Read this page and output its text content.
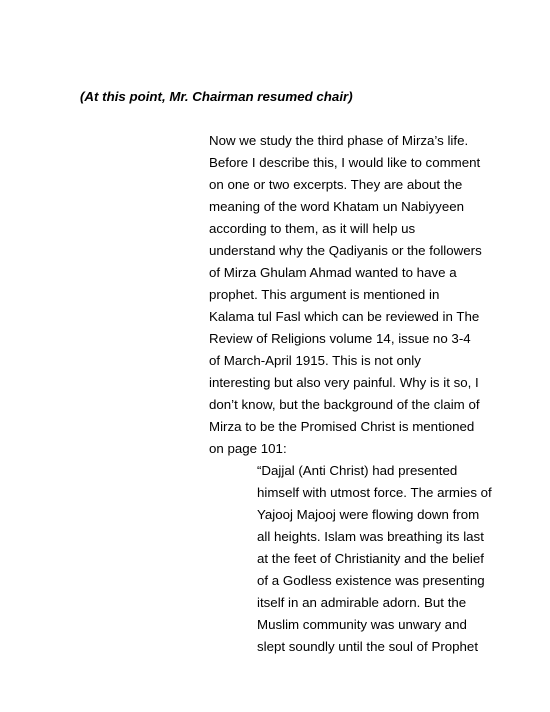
(At this point, Mr. Chairman resumed chair)
Now we study the third phase of Mirza’s life.
Before I describe this, I would like to comment
on one or two excerpts. They are about the
meaning of the word Khatam un Nabiyyeen
according to them, as it will help us
understand why the Qadiyanis or the followers
of Mirza Ghulam Ahmad wanted to have a
prophet. This argument is mentioned in
Kalama tul Fasl which can be reviewed in The
Review of Religions volume 14, issue no 3-4
of March-April 1915. This is not only
interesting but also very painful. Why is it so, I
don’t know, but the background of the claim of
Mirza to be the Promised Christ is mentioned
on page 101:
“Dajjal (Anti Christ) had presented
himself with utmost force. The armies of
Yajooj Majooj were flowing down from
all heights. Islam was breathing its last
at the feet of Christianity and the belief
of a Godless existence was presenting
itself in an admirable adorn. But the
Muslim community was unwary and
slept soundly until the soul of Prophet
